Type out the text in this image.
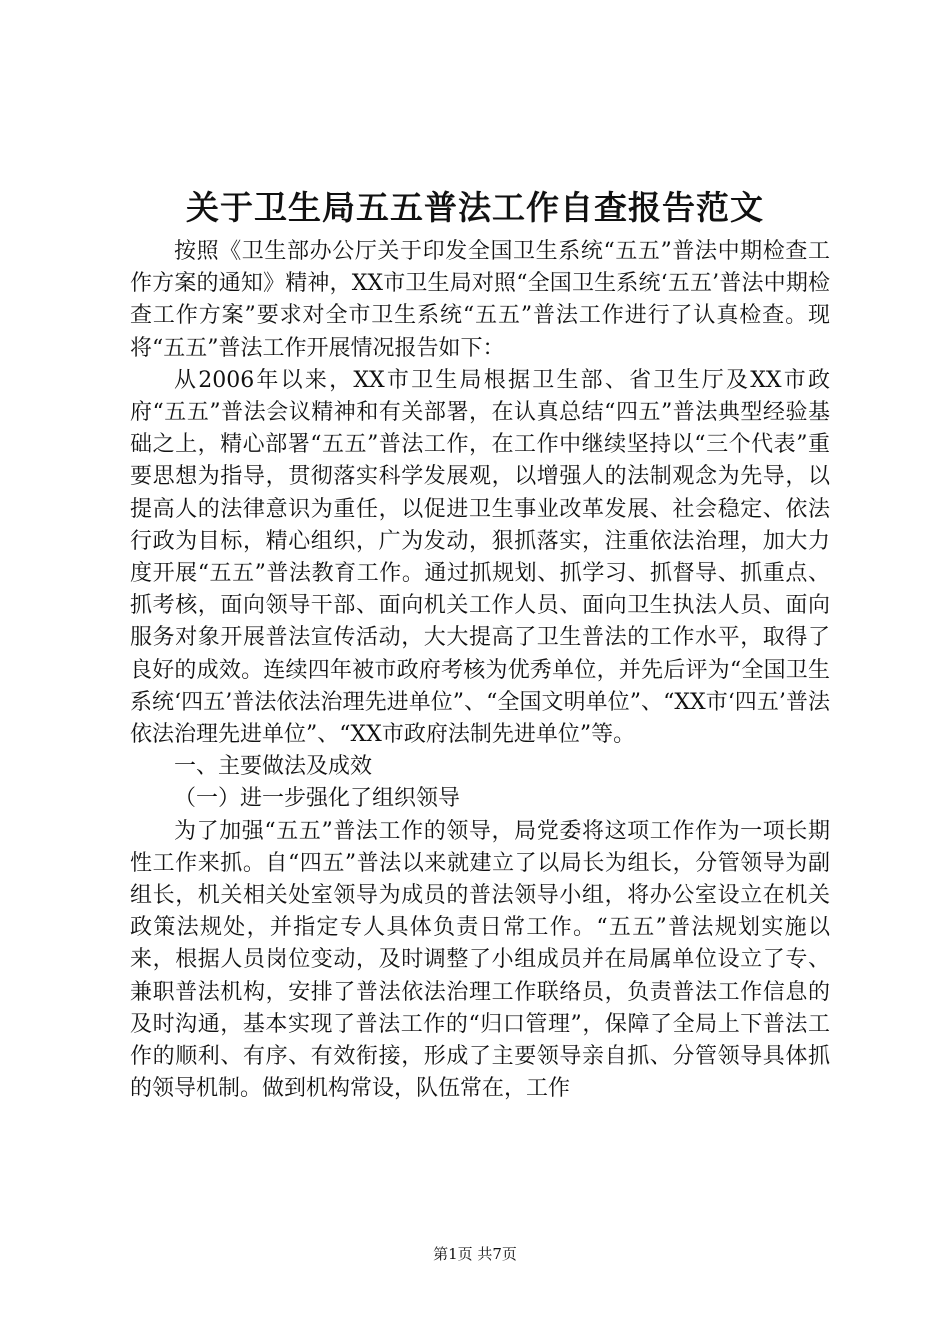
关于卫生局五五普法工作自查报告范文

按照《卫生部办公厅关于印发全国卫生系统“五五”普法中期检查工作方案的通知》精神，XX市卫生局对照“全国卫生系统‘五五’普法中期检查工作方案”要求对全市卫生系统“五五”普法工作进行了认真检查。现将“五五”普法工作开展情况报告如下：

从2006年以来，XX市卫生局根据卫生部、省卫生厅及XX市政府“五五”普法会议精神和有关部署，在认真总结“四五”普法典型经验基础之上，精心部署“五五”普法工作，在工作中继续坚持以“三个代表”重要思想为指导，贯彻落实科学发展观，以增强人的法制观念为先导，以提高人的法律意识为重任，以促进卫生事业改革发展、社会稳定、依法行政为目标，精心组织，广为发动，狠抓落实，注重依法治理，加大力度开展“五五”普法教育工作。通过抓规划、抓学习、抓督导、抓重点、抓考核，面向领导干部、面向机关工作人员、面向卫生执法人员、面向服务对象开展普法宣传活动，大大提高了卫生普法的工作水平，取得了良好的成效。连续四年被市政府考核为优秀单位，并先后评为“全国卫生系统‘四五’普法依法治理先进单位”、“全国文明单位”、“XX市‘四五’普法依法治理先进单位”、“XX市政府法制先进单位”等。

一、主要做法及成效

（一）进一步强化了组织领导

为了加强“五五”普法工作的领导，局党委将这项工作作为一项长期性工作来抓。自“四五”普法以来就建立了以局长为组长，分管领导为副组长，机关相关处室领导为成员的普法领导小组，将办公室设立在机关政策法规处，并指定专人具体负责日常工作。“五五”普法规划实施以来，根据人员岗位变动，及时调整了小组成员并在局属单位设立了专、兼职普法机构，安排了普法依法治理工作联络员，负责普法工作信息的及时沟通，基本实现了普法工作的“归口管理”，保障了全局上下普法工作的顺利、有序、有效衔接，形成了主要领导亲自抓、分管领导具体抓的领导机制。做到机构常设，队伍常在，工作

第1页 共7页
